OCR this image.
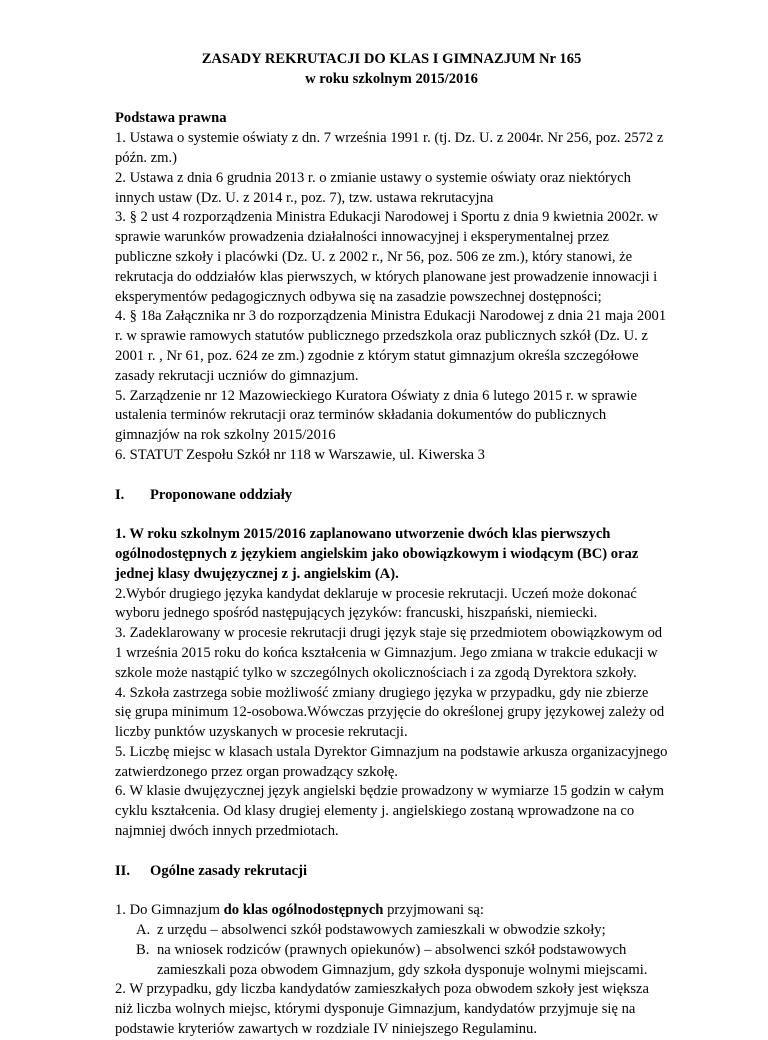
ZASADY REKRUTACJI DO KLAS I GIMNAZJUM Nr 165

w roku szkolnym 2015/2016

Podstawa prawna

1. Ustawa o systemie oświaty z dn. 7 września 1991 r. (tj. Dz. U. z 2004r. Nr 256, poz. 2572 z późn. zm.)

2. Ustawa z dnia 6 grudnia 2013 r. o zmianie ustawy o systemie oświaty oraz niektórych innych ustaw (Dz. U. z 2014 r., poz. 7), tzw. ustawa rekrutacyjna

3. § 2 ust 4 rozporządzenia Ministra Edukacji Narodowej i Sportu z dnia 9 kwietnia 2002r. w sprawie warunków prowadzenia działalności innowacyjnej i eksperymentalnej przez publiczne szkoły i placówki (Dz. U. z 2002 r., Nr 56, poz. 506 ze zm.), który stanowi, że rekrutacja do oddziałów klas pierwszych, w których planowane jest prowadzenie innowacji i eksperymentów pedagogicznych odbywa się na zasadzie powszechnej dostępności;

4. § 18a Załącznika nr 3 do rozporządzenia Ministra Edukacji Narodowej z dnia 21 maja 2001 r. w sprawie ramowych statutów publicznego przedszkola oraz publicznych szkół (Dz. U. z 2001 r. , Nr 61, poz. 624 ze zm.) zgodnie z którym statut gimnazjum określa szczegółowe zasady rekrutacji uczniów do gimnazjum.

5. Zarządzenie nr 12 Mazowieckiego Kuratora Oświaty z dnia 6 lutego 2015 r. w sprawie ustalenia terminów rekrutacji oraz terminów składania dokumentów do publicznych gimnazjów na rok szkolny 2015/2016

6. STATUT Zespołu Szkół nr 118 w Warszawie, ul. Kiwerska 3

I.	Proponowane oddziały

1. W roku szkolnym 2015/2016 zaplanowano utworzenie dwóch klas pierwszych ogólnodostępnych z językiem angielskim jako obowiązkowym i wiodącym (BC) oraz jednej klasy dwujęzycznej z j. angielskim (A).

2.Wybór drugiego języka kandydat deklaruje w procesie rekrutacji. Uczeń może dokonać wyboru jednego spośród następujących języków: francuski, hiszpański, niemiecki.

3. Zadeklarowany w procesie rekrutacji drugi język staje się przedmiotem obowiązkowym od 1 września 2015 roku do końca kształcenia w Gimnazjum. Jego zmiana w trakcie edukacji w szkole może nastąpić tylko w szczególnych okolicznościach i za zgodą Dyrektora szkoły.

4. Szkoła zastrzega sobie możliwość zmiany drugiego języka w przypadku, gdy nie zbierze się grupa minimum 12-osobowa.Wówczas przyjęcie do określonej grupy językowej zależy od liczby punktów uzyskanych w procesie rekrutacji.

5. Liczbę miejsc w klasach ustala Dyrektor Gimnazjum na podstawie arkusza organizacyjnego zatwierdzonego przez organ prowadzący szkołę.

6. W klasie dwujęzycznej język angielski będzie prowadzony w wymiarze 15 godzin w całym cyklu kształcenia. Od klasy drugiej elementy j. angielskiego zostaną wprowadzone na co najmniej dwóch innych przedmiotach.

II.	Ogólne zasady rekrutacji

1. Do Gimnazjum do klas ogólnodostępnych przyjmowani są:

A. z urzędu – absolwenci szkół podstawowych zamieszkali w obwodzie szkoły;
B. na wniosek rodziców (prawnych opiekunów) – absolwenci szkół podstawowych zamieszkali poza obwodem Gimnazjum, gdy szkoła dysponuje wolnymi miejscami.

2. W przypadku, gdy liczba kandydatów zamieszkałych poza obwodem szkoły jest większa niż liczba wolnych miejsc, którymi dysponuje Gimnazjum, kandydatów przyjmuje się na podstawie kryteriów zawartych w rozdziale IV niniejszego Regulaminu.
